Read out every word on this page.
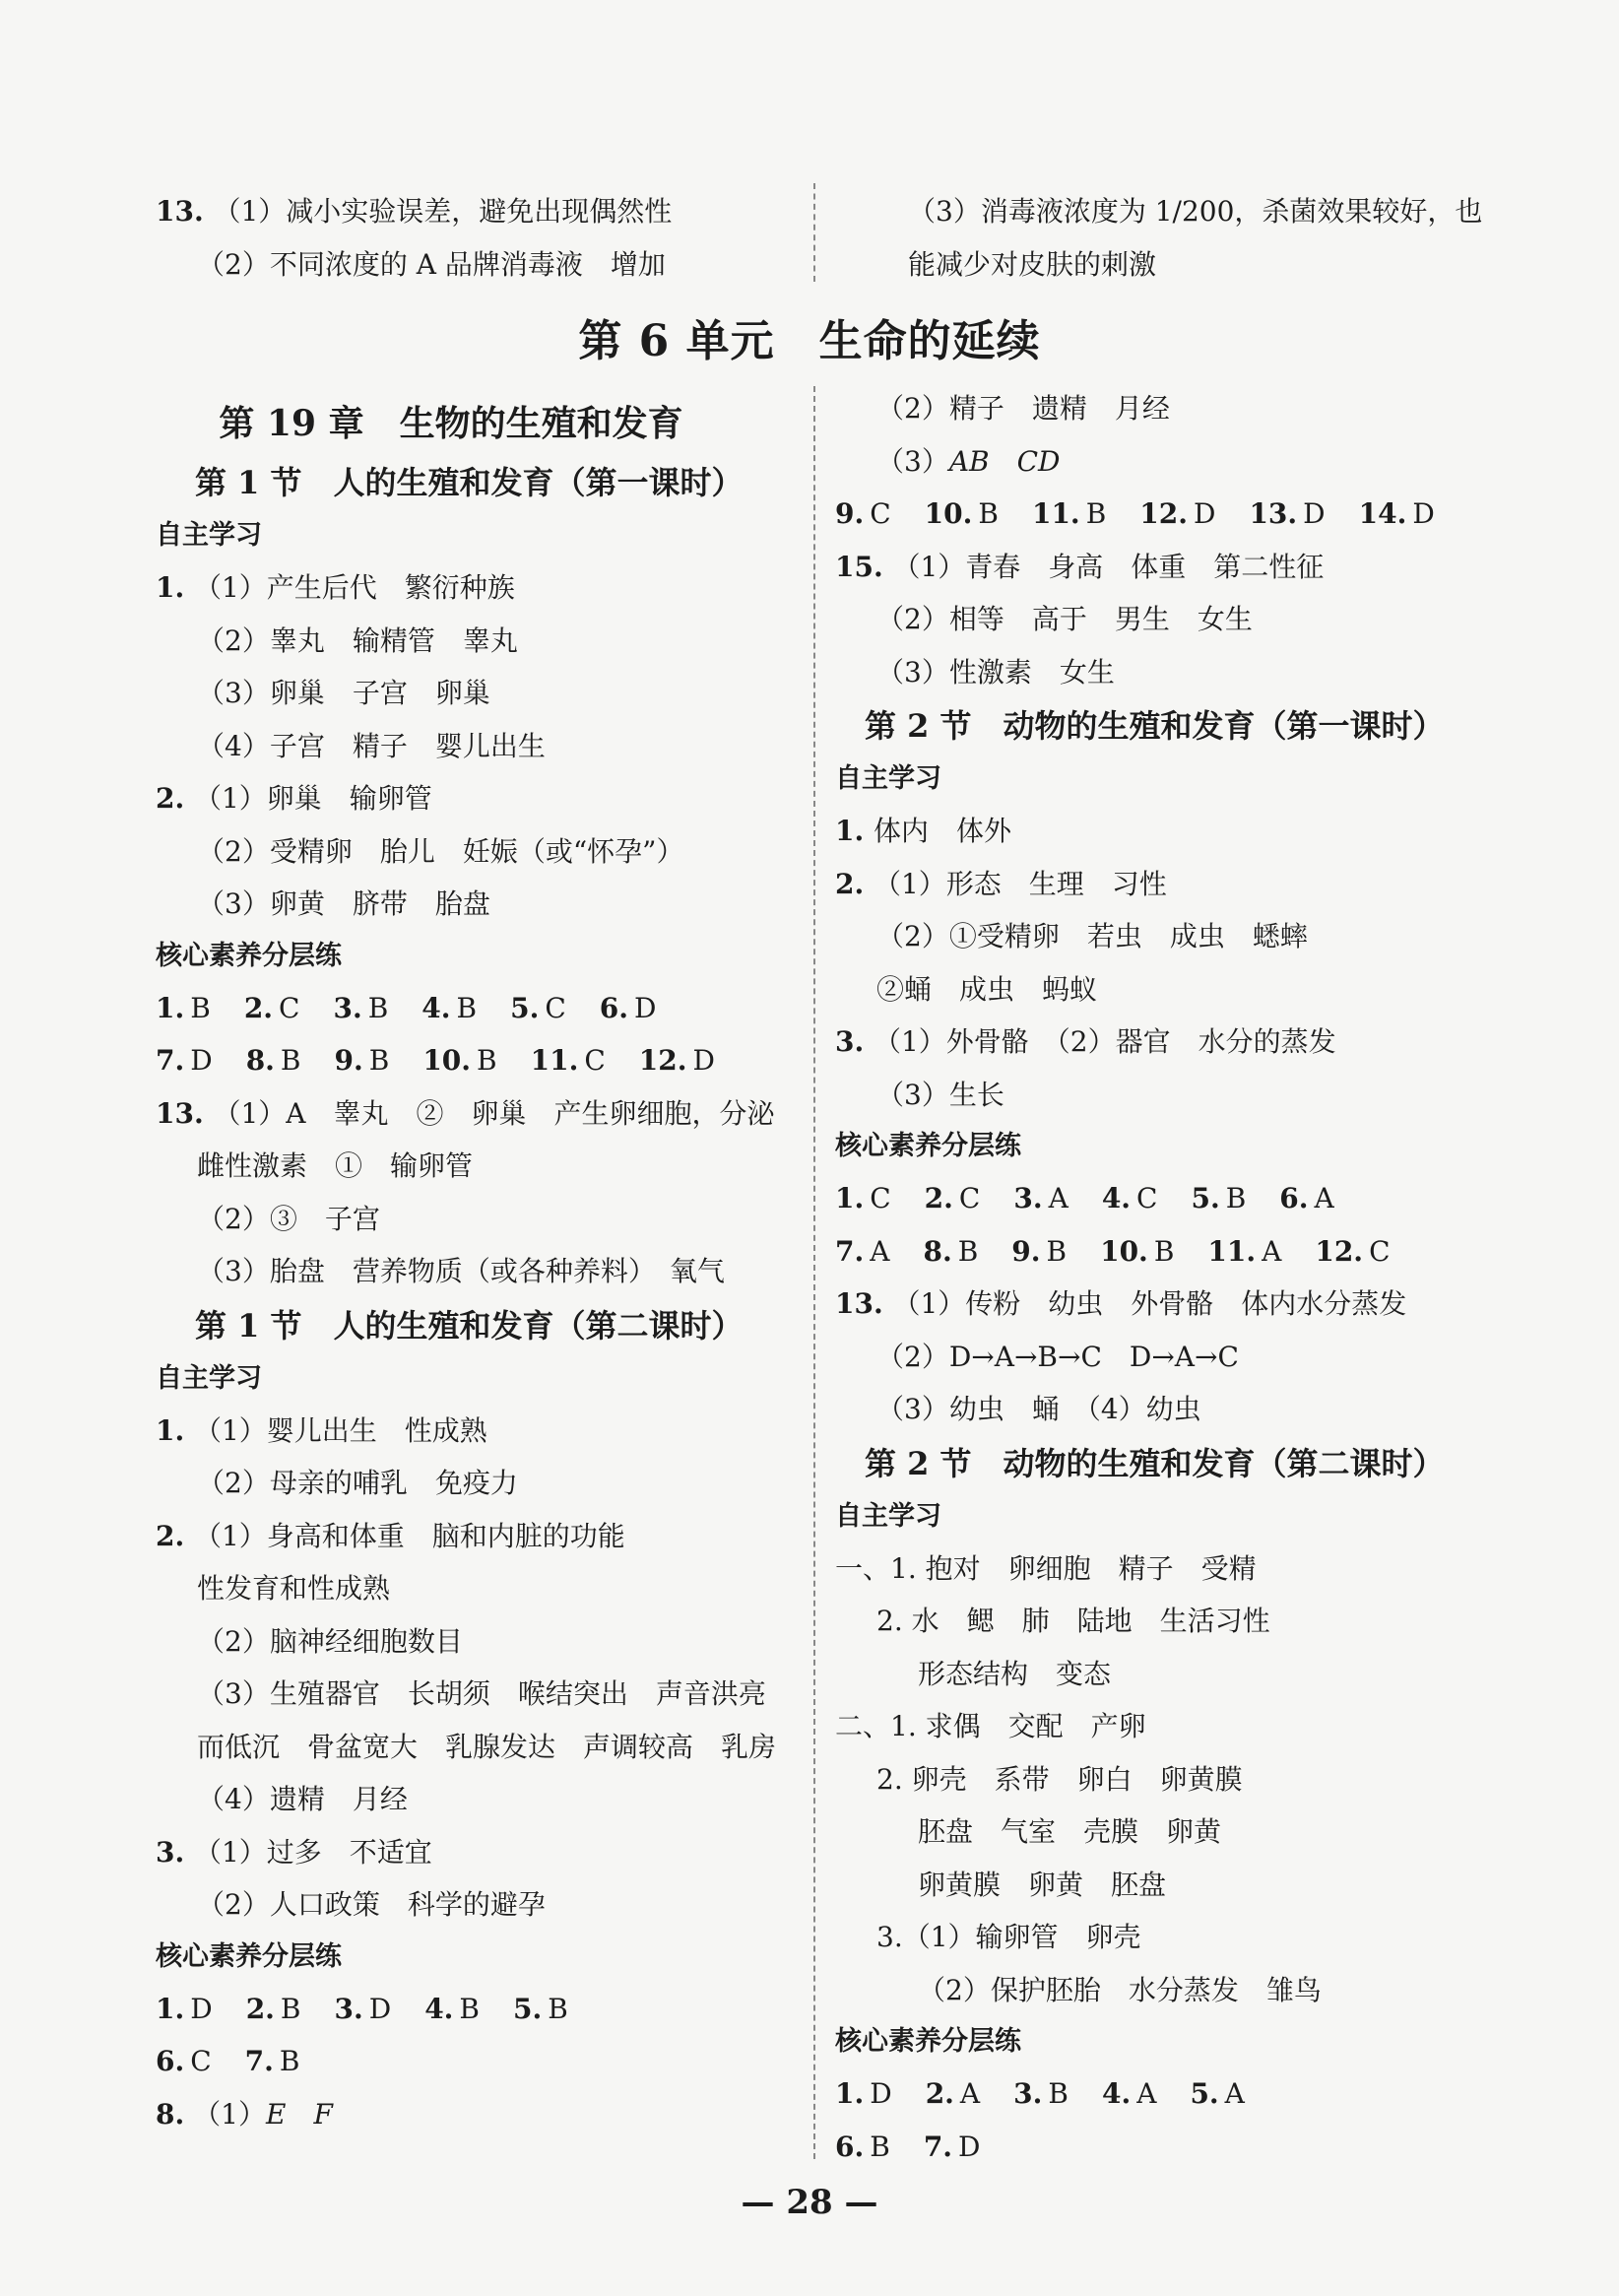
13. （1）减小实验误差，避免出现偶然性
（2）不同浓度的 A 品牌消毒液　增加
（3）消毒液浓度为 1/200，杀菌效果较好，也
能减少对皮肤的刺激
第 6 单元　生命的延续
第 19 章　生物的生殖和发育
第 1 节　人的生殖和发育（第一课时）
自主学习
1. （1）产生后代　繁衍种族
（2）睾丸　输精管　睾丸
（3）卵巢　子宫　卵巢
（4）子宫　精子　婴儿出生
2. （1）卵巢　输卵管
（2）受精卵　胎儿　妊娠（或“怀孕”）
（3）卵黄　脐带　胎盘
核心素养分层练
1. B 2. C 3. B 4. B 5. C 6. D
7. D 8. B 9. B 10. B 11. C 12. D
13. （1）A　睾丸　②　卵巢　产生卵细胞，分泌
雌性激素　①　输卵管
（2）③　子宫
（3）胎盘　营养物质（或各种养料）　氧气
第 1 节　人的生殖和发育（第二课时）
自主学习
1. （1）婴儿出生　性成熟
（2）母亲的哺乳　免疫力
2. （1）身高和体重　脑和内脏的功能
性发育和性成熟
（2）脑神经细胞数目
（3）生殖器官　长胡须　喉结突出　声音洪亮
而低沉　骨盆宽大　乳腺发达　声调较高　乳房
（4）遗精　月经
3. （1）过多　不适宜
（2）人口政策　科学的避孕
核心素养分层练
1. D 2. B 3. D 4. B 5. B
6. C 7. B
8. （1）E　 F
（2）精子　遗精　月经
（3）AB　CD
9. C 10. B 11. B 12. D 13. D 14. D
15. （1）青春　身高　体重　第二性征
（2）相等　高于　男生　女生
（3）性激素　女生
第 2 节　动物的生殖和发育（第一课时）
自主学习
1. 体内　体外
2. （1）形态　生理　习性
（2）①受精卵　若虫　成虫　蟋蟀
②蛹　成虫　蚂蚁
3. （1）外骨骼　（2）器官　水分的蒸发
（3）生长
核心素养分层练
1. C 2. C 3. A 4. C 5. B 6. A
7. A 8. B 9. B 10. B 11. A 12. C
13. （1）传粉　幼虫　外骨骼　体内水分蒸发
（2）D→A→B→C　D→A→C
（3）幼虫　蛹　（4）幼虫
第 2 节　动物的生殖和发育（第二课时）
自主学习
一、1. 抱对　卵细胞　精子　受精
2. 水　鳃　肺　陆地　生活习性
形态结构　变态
二、1. 求偶　交配　产卵
2. 卵壳　系带　卵白　卵黄膜
胚盘　气室　壳膜　卵黄
卵黄膜　卵黄　胚盘
3.（1）输卵管　卵壳
（2）保护胚胎　水分蒸发　雏鸟
核心素养分层练
1. D 2. A 3. B 4. A 5. A
6. B 7. D
— 28 —
